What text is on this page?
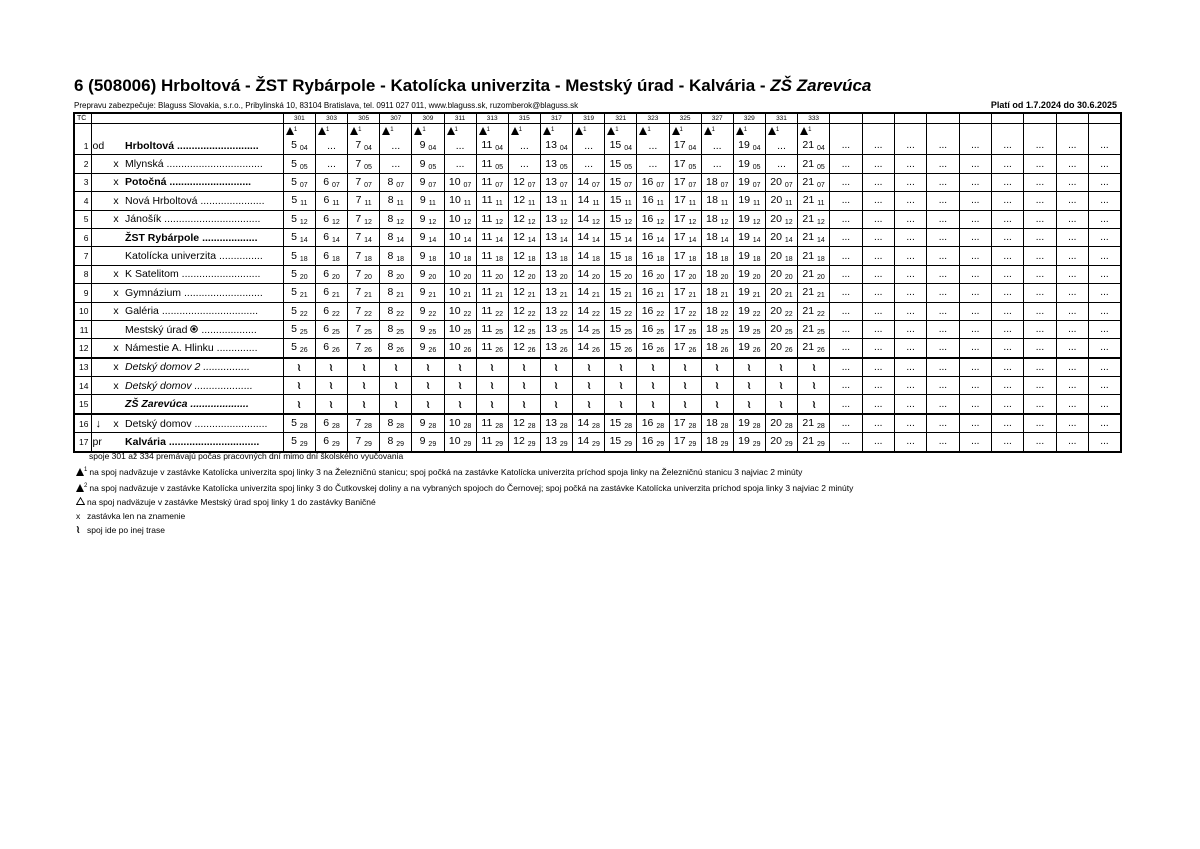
6 (508006) Hrboltová - ŽST Rybárpole - Katolícka univerzita - Mestský úrad - Kalvária - ZŠ Zarevúca
Prepravu zabezpečuje: Blaguss Slovakia, s.r.o., Pribylinská 10, 83104 Bratislava, tel. 0911 027 011, www.blaguss.sk, ruzomberok@blaguss.sk	Platí od 1.7.2024 do 30.6.2025
TČ				301	303	305	307	309	311	313	315	317	319	321	323	325	327	329	331	333									
				$^1$	$^1$	$^1$	$^1$	$^1$	$^1$	$^1$	$^1$	$^1$	$^1$	$^1$	$^1$	$^1$	$^1$	$^1$	$^1$	$^1$									
1	od		Hrboltová ............................	5 $_{04}$	...	7 $_{04}$	...	9 $_{04}$	...	11 $_{04}$	...	13 $_{04}$	...	15 $_{04}$	...	17 $_{04}$	...	19 $_{04}$	...	21 $_{04}$	...	...	...	...	...	...	...	...	...
2		x	Mlynská .................................	5 $_{05}$	...	7 $_{05}$	...	9 $_{05}$	...	11 $_{05}$	...	13 $_{05}$	...	15 $_{05}$	...	17 $_{05}$	...	19 $_{05}$	...	21 $_{05}$	...	...	...	...	...	...	...	...	...
3		x	Potočná ............................	5 $_{07}$	6 $_{07}$	7 $_{07}$	8 $_{07}$	9 $_{07}$	10 $_{07}$	11 $_{07}$	12 $_{07}$	13 $_{07}$	14 $_{07}$	15 $_{07}$	16 $_{07}$	17 $_{07}$	18 $_{07}$	19 $_{07}$	20 $_{07}$	21 $_{07}$	...	...	...	...	...	...	...	...	...
4		x	Nová Hrboltová ......................	5 $_{11}$	6 $_{11}$	7 $_{11}$	8 $_{11}$	9 $_{11}$	10 $_{11}$	11 $_{11}$	12 $_{11}$	13 $_{11}$	14 $_{11}$	15 $_{11}$	16 $_{11}$	17 $_{11}$	18 $_{11}$	19 $_{11}$	20 $_{11}$	21 $_{11}$	...	...	...	...	...	...	...	...	...
5		x	Jánošík .................................	5 $_{12}$	6 $_{12}$	7 $_{12}$	8 $_{12}$	9 $_{12}$	10 $_{12}$	11 $_{12}$	12 $_{12}$	13 $_{12}$	14 $_{12}$	15 $_{12}$	16 $_{12}$	17 $_{12}$	18 $_{12}$	19 $_{12}$	20 $_{12}$	21 $_{12}$	...	...	...	...	...	...	...	...	...
6			ŽST Rybárpole ...................	5 $_{14}$	6 $_{14}$	7 $_{14}$	8 $_{14}$	9 $_{14}$	10 $_{14}$	11 $_{14}$	12 $_{14}$	13 $_{14}$	14 $_{14}$	15 $_{14}$	16 $_{14}$	17 $_{14}$	18 $_{14}$	19 $_{14}$	20 $_{14}$	21 $_{14}$	...	...	...	...	...	...	...	...	...
7			Katolícka univerzita ...............	5 $_{18}$	6 $_{18}$	7 $_{18}$	8 $_{18}$	9 $_{18}$	10 $_{18}$	11 $_{18}$	12 $_{18}$	13 $_{18}$	14 $_{18}$	15 $_{18}$	16 $_{18}$	17 $_{18}$	18 $_{18}$	19 $_{18}$	20 $_{18}$	21 $_{18}$	...	...	...	...	...	...	...	...	...
8		x	K Satelitom ...........................	5 $_{20}$	6 $_{20}$	7 $_{20}$	8 $_{20}$	9 $_{20}$	10 $_{20}$	11 $_{20}$	12 $_{20}$	13 $_{20}$	14 $_{20}$	15 $_{20}$	16 $_{20}$	17 $_{20}$	18 $_{20}$	19 $_{20}$	20 $_{20}$	21 $_{20}$	...	...	...	...	...	...	...	...	...
9		x	Gymnázium ...........................	5 $_{21}$	6 $_{21}$	7 $_{21}$	8 $_{21}$	9 $_{21}$	10 $_{21}$	11 $_{21}$	12 $_{21}$	13 $_{21}$	14 $_{21}$	15 $_{21}$	16 $_{21}$	17 $_{21}$	18 $_{21}$	19 $_{21}$	20 $_{21}$	21 $_{21}$	...	...	...	...	...	...	...	...	...
10		x	Galéria .................................	5 $_{22}$	6 $_{22}$	7 $_{22}$	8 $_{22}$	9 $_{22}$	10 $_{22}$	11 $_{22}$	12 $_{22}$	13 $_{22}$	14 $_{22}$	15 $_{22}$	16 $_{22}$	17 $_{22}$	18 $_{22}$	19 $_{22}$	20 $_{22}$	21 $_{22}$	...	...	...	...	...	...	...	...	...
11			Mestský úrad  ...................	5 $_{25}$	6 $_{25}$	7 $_{25}$	8 $_{25}$	9 $_{25}$	10 $_{25}$	11 $_{25}$	12 $_{25}$	13 $_{25}$	14 $_{25}$	15 $_{25}$	16 $_{25}$	17 $_{25}$	18 $_{25}$	19 $_{25}$	20 $_{25}$	21 $_{25}$	...	...	...	...	...	...	...	...	...
12		x	Námestie A. Hlinku ..............	5 $_{26}$	6 $_{26}$	7 $_{26}$	8 $_{26}$	9 $_{26}$	10 $_{26}$	11 $_{26}$	12 $_{26}$	13 $_{26}$	14 $_{26}$	15 $_{26}$	16 $_{26}$	17 $_{26}$	18 $_{26}$	19 $_{26}$	20 $_{26}$	21 $_{26}$	...	...	...	...	...	...	...	...	...
13		x	Detský domov 2 ................	≀	≀	≀	≀	≀	≀	≀	≀	≀	≀	≀	≀	≀	≀	≀	≀	≀	...	...	...	...	...	...	...	...	...
14		x	Detský domov ....................	≀	≀	≀	≀	≀	≀	≀	≀	≀	≀	≀	≀	≀	≀	≀	≀	≀	...	...	...	...	...	...	...	...	...
15			ZŠ Zarevúca ....................	≀	≀	≀	≀	≀	≀	≀	≀	≀	≀	≀	≀	≀	≀	≀	≀	≀	...	...	...	...	...	...	...	...	...
16	↓	x	Detský domov .........................	5 $_{28}$	6 $_{28}$	7 $_{28}$	8 $_{28}$	9 $_{28}$	10 $_{28}$	11 $_{28}$	12 $_{28}$	13 $_{28}$	14 $_{28}$	15 $_{28}$	16 $_{28}$	17 $_{28}$	18 $_{28}$	19 $_{28}$	20 $_{28}$	21 $_{28}$	...	...	...	...	...	...	...	...	...
17	pr		Kalvária ...............................	5 $_{29}$	6 $_{29}$	7 $_{29}$	8 $_{29}$	9 $_{29}$	10 $_{29}$	11 $_{29}$	12 $_{29}$	13 $_{29}$	14 $_{29}$	15 $_{29}$	16 $_{29}$	17 $_{29}$	18 $_{29}$	19 $_{29}$	20 $_{29}$	21 $_{29}$	...	...	...	...	...	...	...	...	...
spoje 301 až 334 premávajú počas pracovných dní mimo dní školského vyučovania
$^1$ na spoj nadväzuje v zastávke Katolícka univerzita spoj linky 3 na Železničnú stanicu; spoj počká na zastávke Katolícka univerzita príchod spoja linky na Železničnú stanicu 3 najviac 2 minúty
$^2$ na spoj nadväzuje v zastávke Katolícka univerzita spoj linky 3 do Čutkovskej doliny a na vybraných spojoch do Černovej; spoj počká na zastávke Katolícka univerzita príchod spoja linky 3 najviac 2 minúty
na spoj nadväzuje v zastávke Mestský úrad spoj linky 1 do zastávky Baničné
x zastávka len na znamenie
≀ spoj ide po inej trase
